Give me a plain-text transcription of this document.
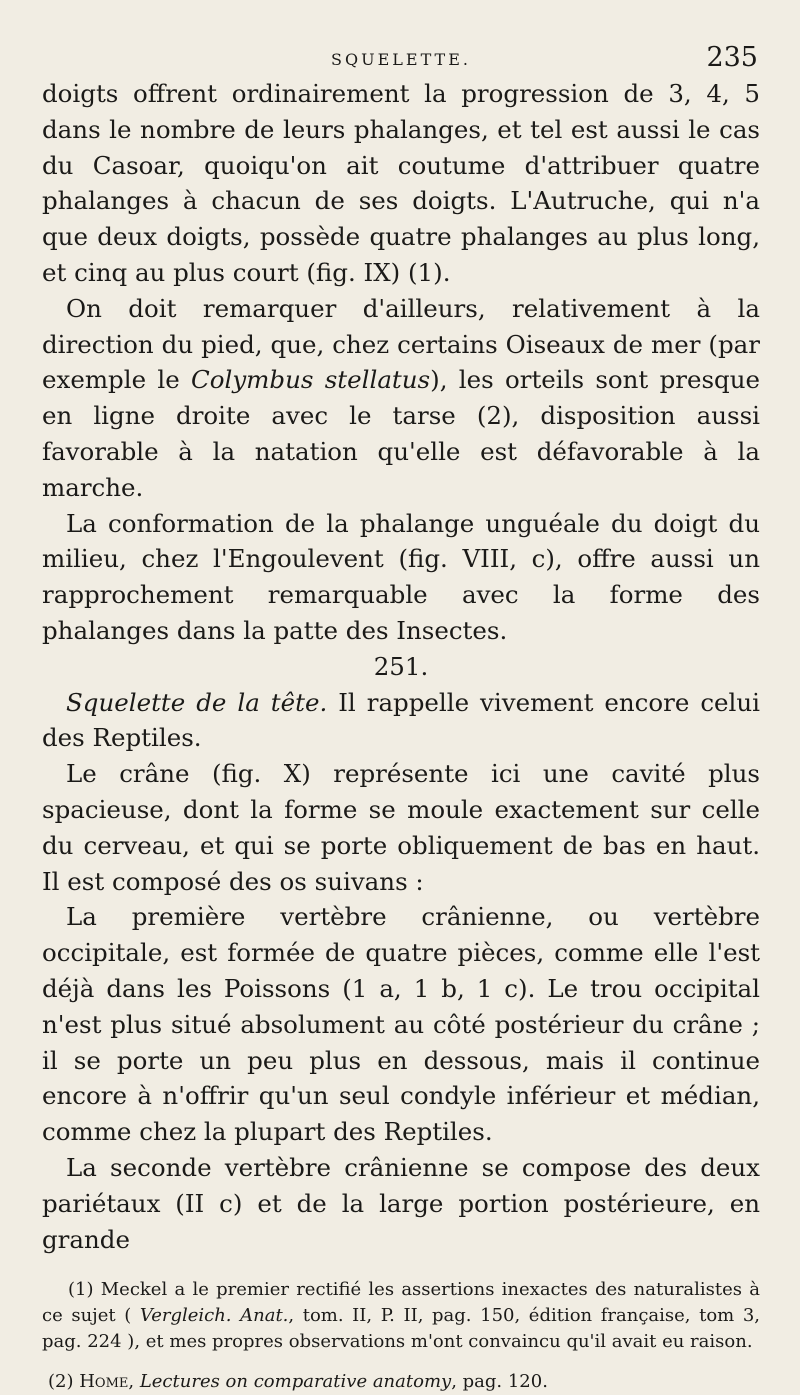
SQUELETTE.	235

doigts offrent ordinairement la progression de 3, 4, 5 dans le nombre de leurs phalanges, et tel est aussi le cas du Casoar, quoiqu'on ait coutume d'attribuer quatre phalanges à chacun de ses doigts. L'Autruche, qui n'a que deux doigts, possède quatre phalanges au plus long, et cinq au plus court (fig. IX) (1).

On doit remarquer d'ailleurs, relativement à la direction du pied, que, chez certains Oiseaux de mer (par exemple le Colymbus stellatus), les orteils sont presque en ligne droite avec le tarse (2), disposition aussi favorable à la natation qu'elle est défavorable à la marche.

La conformation de la phalange unguéale du doigt du milieu, chez l'Engoulevent (fig. VIII, c), offre aussi un rapprochement remarquable avec la forme des phalanges dans la patte des Insectes.

251.

Squelette de la tête. Il rappelle vivement encore celui des Reptiles.

Le crâne (fig. X) représente ici une cavité plus spacieuse, dont la forme se moule exactement sur celle du cerveau, et qui se porte obliquement de bas en haut. Il est composé des os suivans :

La première vertèbre crânienne, ou vertèbre occipitale, est formée de quatre pièces, comme elle l'est déjà dans les Poissons (1 a, 1 b, 1 c). Le trou occipital n'est plus situé absolument au côté postérieur du crâne ; il se porte un peu plus en dessous, mais il continue encore à n'offrir qu'un seul condyle inférieur et médian, comme chez la plupart des Reptiles.

La seconde vertèbre crânienne se compose des deux pariétaux (II c) et de la large portion postérieure, en grande

(1) Meckel a le premier rectifié les assertions inexactes des naturalistes à ce sujet ( Vergleich. Anat., tom. II, P. II, pag. 150, édition française, tom 3, pag. 224 ), et mes propres observations m'ont convaincu qu'il avait eu raison.

(2) Home, Lectures on comparative anatomy, pag. 120.
